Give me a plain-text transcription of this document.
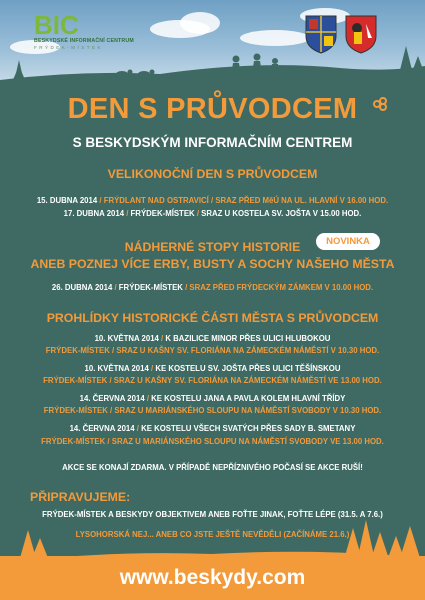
BIC
BESKYDSKÉ INFORMAČNÍ CENTRUM
FRÝDEK-MÍSTEK
DEN S PRŮVODCEM
S BESKYDSKÝM INFORMAČNÍM CENTREM
VELIKONOČNÍ DEN S PRŮVODCEM
15. DUBNA 2014 / FRÝDLANT NAD OSTRAVICÍ / SRAZ PŘED MěÚ NA UL. HLAVNÍ V 16.00 HOD.
17. DUBNA 2014 / FRÝDEK-MÍSTEK / SRAZ U KOSTELA SV. JOŠTA V 15.00 HOD.
NÁDHERNÉ STOPY HISTORIE
ANEB POZNEJ VÍCE ERBY, BUSTY A SOCHY NAŠEHO MĚSTA
NOVINKA
26. DUBNA 2014 / FRÝDEK-MÍSTEK / SRAZ PŘED FRÝDECKÝM ZÁMKEM V 10.00 HOD.
PROHLÍDKY HISTORICKÉ ČÁSTI MĚSTA S PRŮVODCEM
10. KVĚTNA 2014 / K BAZILICE MINOR PŘES ULICI HLUBOKOU
FRÝDEK-MÍSTEK / SRAZ U KAŠNY SV. FLORIÁNA NA ZÁMECKÉM NÁMĚSTÍ V 10.30 HOD.
10. KVĚTNA 2014 / KE KOSTELU SV. JOŠTA PŘES ULICI TĚŠÍNSKOU
FRÝDEK-MÍSTEK / SRAZ U KAŠNY SV. FLORIÁNA NA ZÁMECKÉM NÁMĚSTÍ VE 13.00 HOD.
14. ČERVNA 2014 / KE KOSTELU JANA A PAVLA KOLEM HLAVNÍ TŘÍDY
FRÝDEK-MÍSTEK / SRAZ U MARIÁNSKÉHO SLOUPU NA NÁMĚSTÍ SVOBODY V 10.30 HOD.
14. ČERVNA 2014 / KE KOSTELU VŠECH SVATÝCH PŘES SADY B. SMETANY
FRÝDEK-MÍSTEK / SRAZ U MARIÁNSKÉHO SLOUPU NA NÁMĚSTÍ SVOBODY VE 13.00 HOD.
AKCE SE KONAJÍ ZDARMA. V PŘÍPADĚ NEPŘÍZNIVÉHO POČASÍ SE AKCE RUŠÍ!
PŘIPRAVUJEME:
FRÝDEK-MÍSTEK A BESKYDY OBJEKTIVEM ANEB FOŤTE JINAK, FOŤTE LÉPE (31.5. A 7.6.)
LYSOHORSKÁ NEJ... ANEB CO JSTE JEŠTĚ NEVĚDĚLI (ZAČÍNÁME 21.6.)
www.beskydy.com
